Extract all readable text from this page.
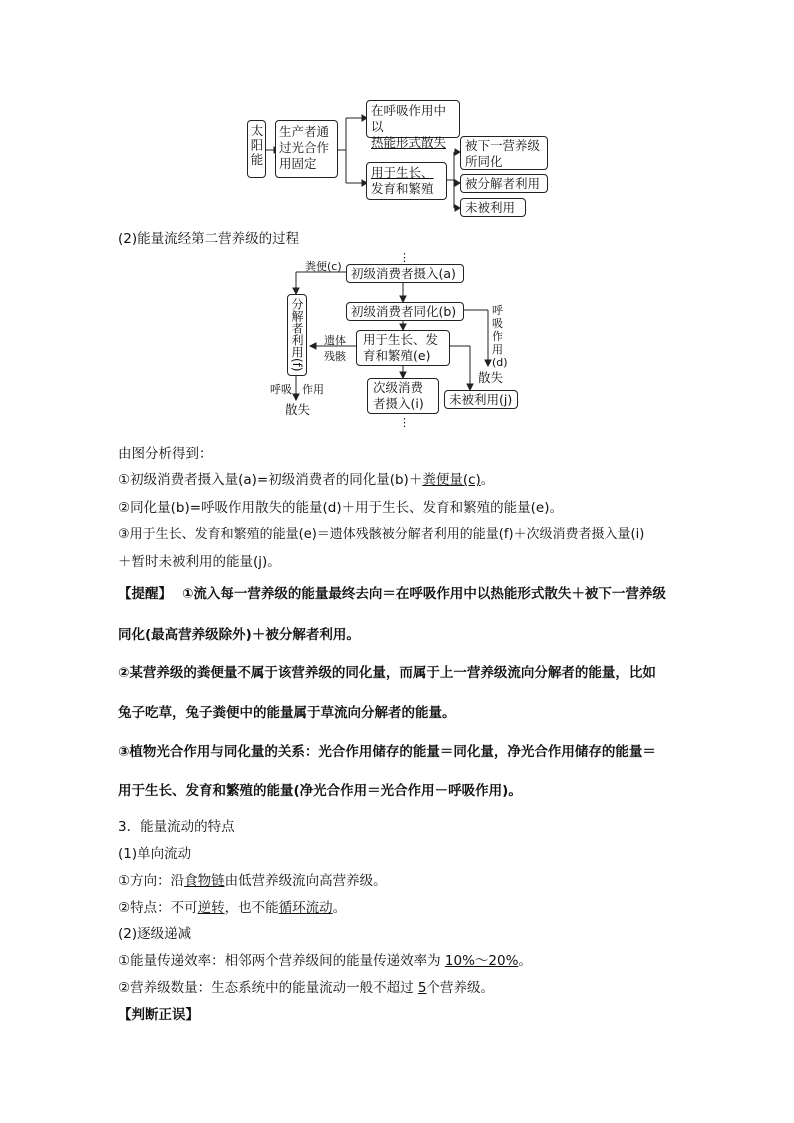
太阳能 生产者通
过光合作
用固定
在呼吸作用中以
热能形式散失
用于生长、
发育和繁殖
被下一营养级
所同化
被分解者利用
未被利用
(2)能量流经第二营养级的过程
⋮
初级消费者摄入(a)
粪便(c)
初级消费者同化(b)
用于生长、发
育和繁殖(e)
遗体
残骸
分解者利用(f)
呼吸 作用
散失
次级消费
者摄入(i)
⋮
呼吸作用(d)
散失
未被利用(j)
由图分析得到：
①初级消费者摄入量(a)=初级消费者的同化量(b)＋粪便量(c)。
②同化量(b)=呼吸作用散失的能量(d)＋用于生长、发育和繁殖的能量(e)。
③用于生长、发育和繁殖的能量(e)＝遗体残骸被分解者利用的能量(f)＋次级消费者摄入量(i)
＋暂时未被利用的能量(j)。
【提醒】 ①流入每一营养级的能量最终去向＝在呼吸作用中以热能形式散失＋被下一营养级
同化(最高营养级除外)＋被分解者利用。
②某营养级的粪便量不属于该营养级的同化量，而属于上一营养级流向分解者的能量，比如
兔子吃草，兔子粪便中的能量属于草流向分解者的能量。
③植物光合作用与同化量的关系：光合作用储存的能量＝同化量，净光合作用储存的能量＝
用于生长、发育和繁殖的能量(净光合作用＝光合作用－呼吸作用)。
3．能量流动的特点
(1)单向流动
①方向：沿食物链由低营养级流向高营养级。
②特点：不可逆转，也不能循环流动。
(2)逐级递减
①能量传递效率：相邻两个营养级间的能量传递效率为 10%～20%。
②营养级数量：生态系统中的能量流动一般不超过 5个营养级。
【判断正误】
